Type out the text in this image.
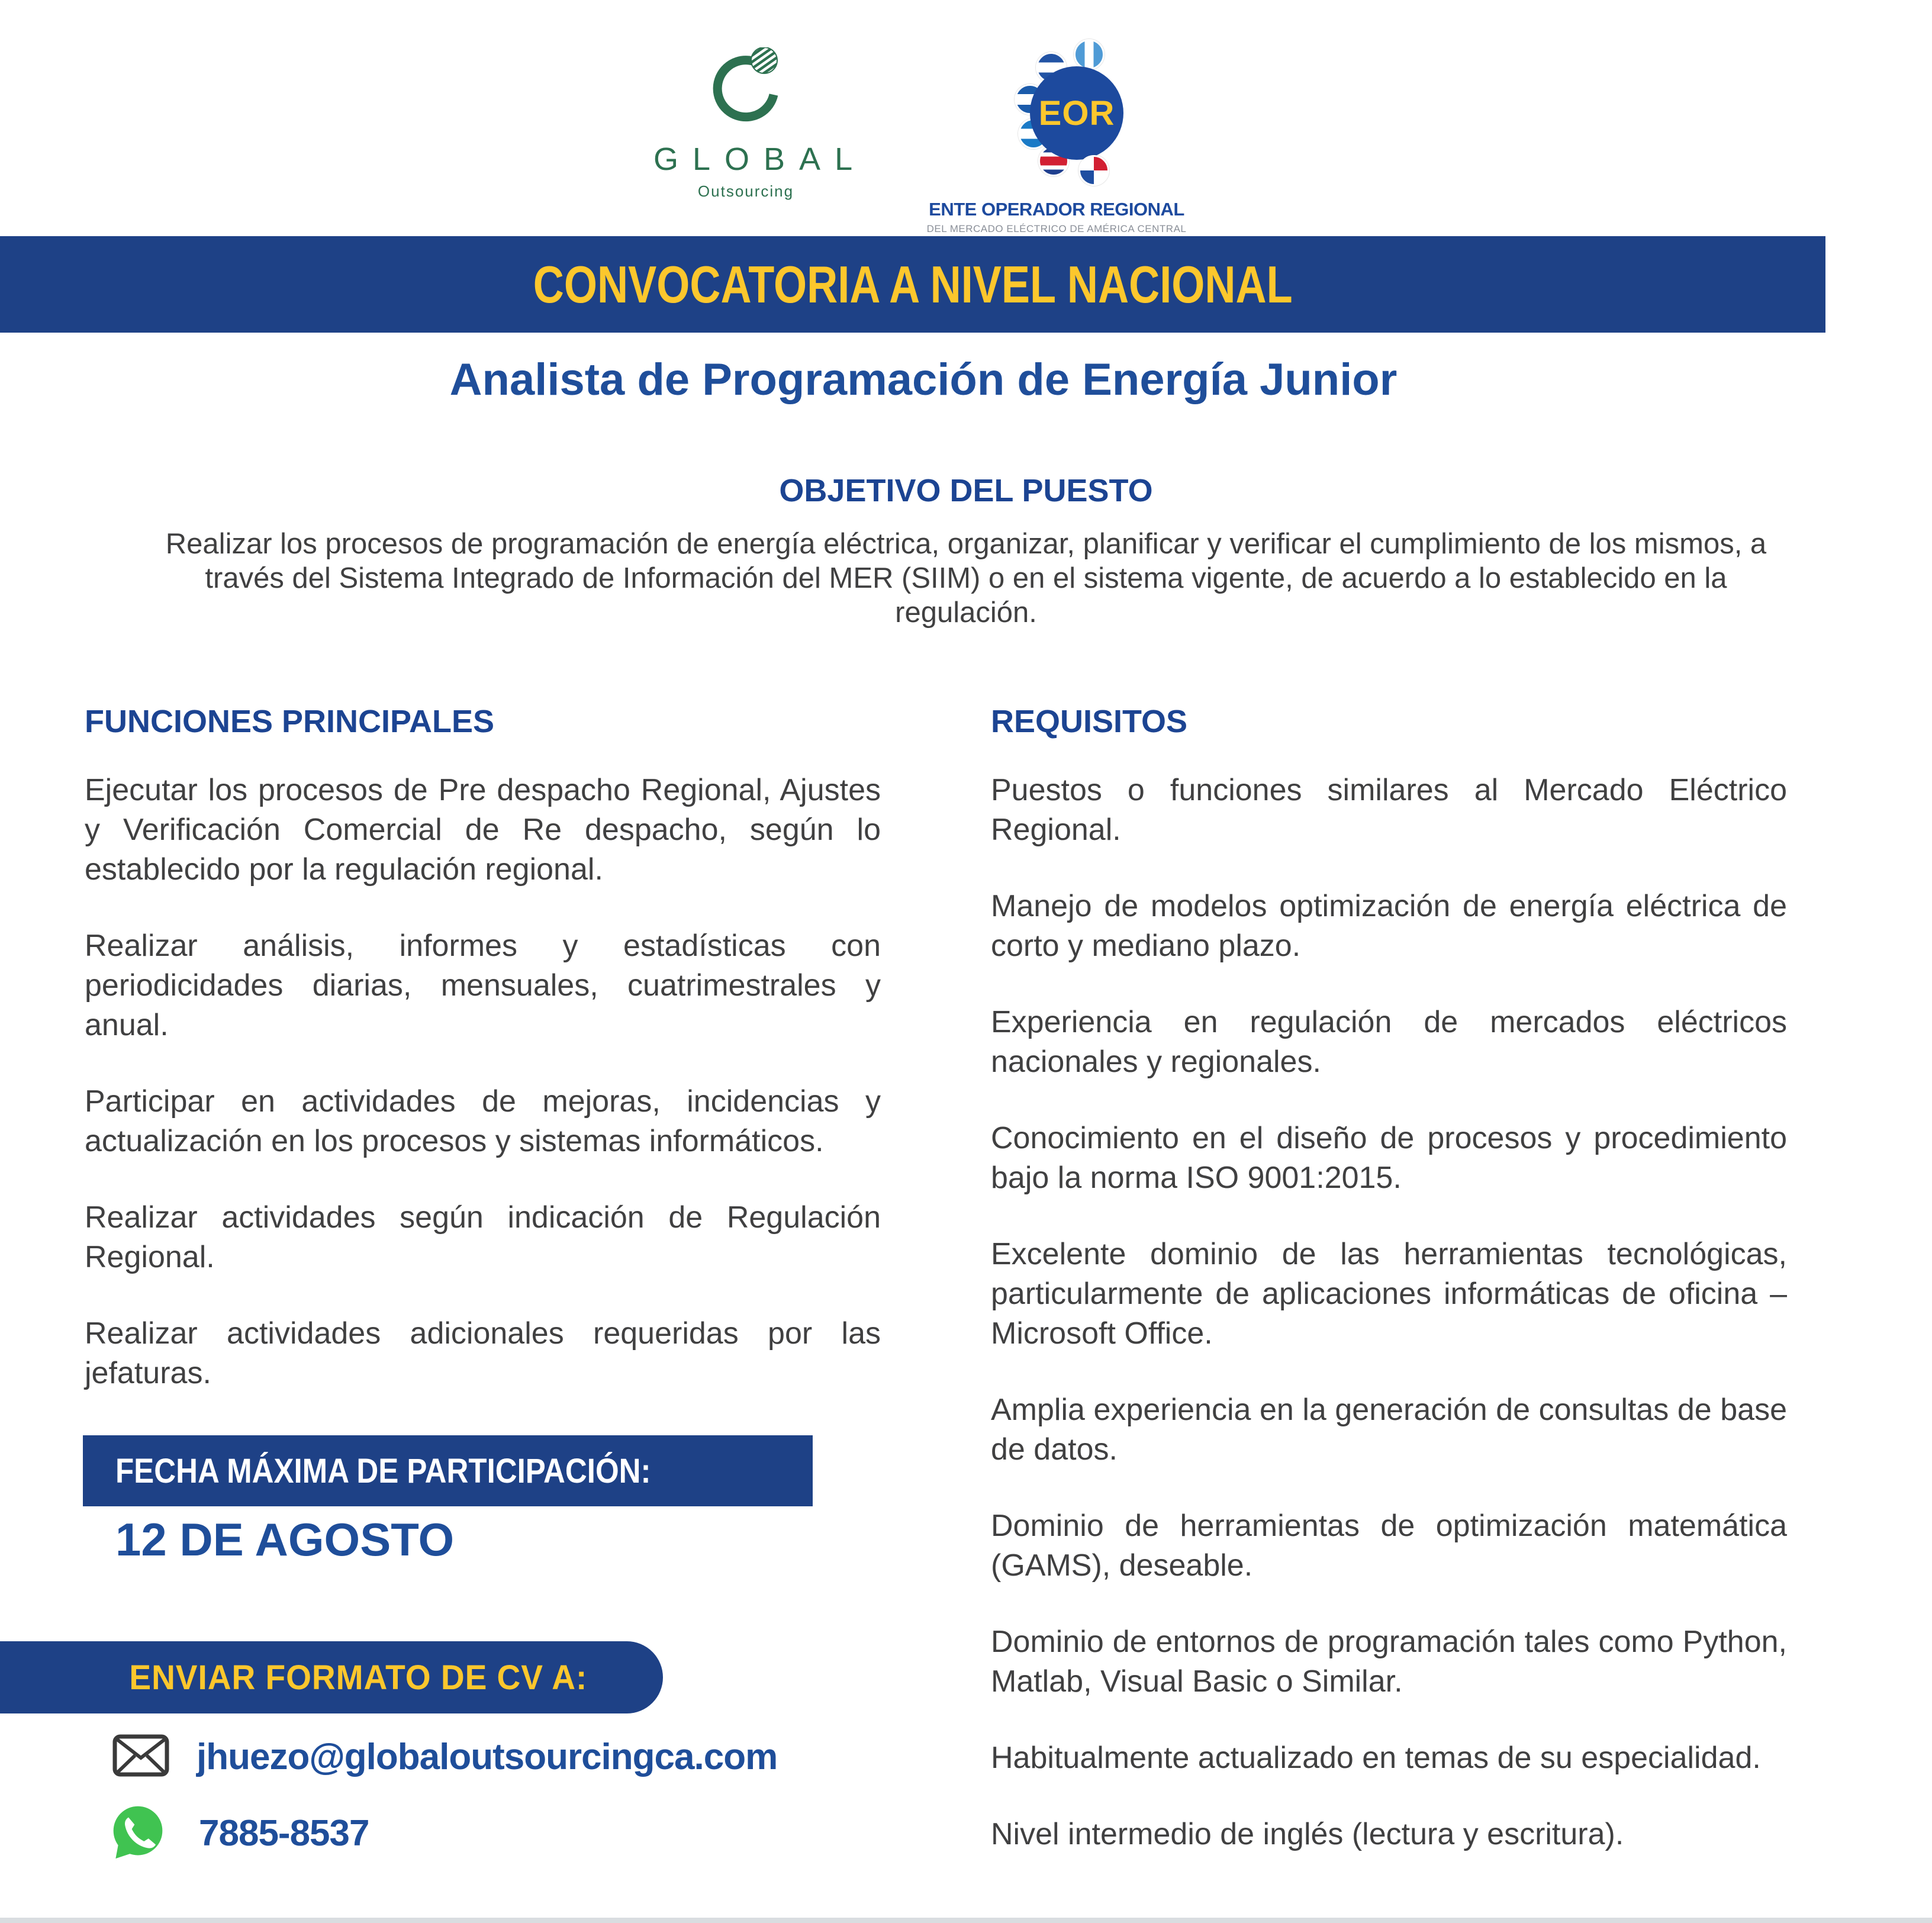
GLOBAL
Outsourcing
EOR
ENTE OPERADOR REGIONAL
DEL MERCADO ELÉCTRICO DE AMÉRICA CENTRAL
CONVOCATORIA A NIVEL NACIONAL
Analista de Programación de Energía Junior
OBJETIVO DEL PUESTO

Realizar los procesos de programación de energía eléctrica, organizar, planificar y verificar el cumplimiento de los mismos, a través del Sistema Integrado de Información del MER (SIIM) o en el sistema vigente, de acuerdo a lo establecido en la regulación.

FUNCIONES PRINCIPALES

Ejecutar los procesos de Pre despacho Regional, Ajustes y Verificación Comercial de Re despacho, según lo establecido por la regulación regional.

Realizar análisis, informes y estadísticas con periodicidades diarias, mensuales, cuatrimestrales y anual.

Participar en actividades de mejoras, incidencias y actualización en los procesos y sistemas informáticos.

Realizar actividades según indicación de Regulación Regional.

Realizar actividades adicionales requeridas por las jefaturas.

REQUISITOS

Puestos o funciones similares al Mercado Eléctrico Regional.

Manejo de modelos optimización de energía eléctrica de corto y mediano plazo.

Experiencia en regulación de mercados eléctricos nacionales y regionales.

Conocimiento en el diseño de procesos y procedimiento bajo la norma ISO 9001:2015.

Excelente dominio de las herramientas tecnológicas, particularmente de aplicaciones informáticas de oficina – Microsoft Office.

Amplia experiencia en la generación de consultas de base de datos.

Dominio de herramientas de optimización matemática (GAMS), deseable.

Dominio de entornos de programación tales como Python, Matlab, Visual Basic o Similar.

Habitualmente actualizado en temas de su especialidad.

Nivel intermedio de inglés (lectura y escritura).

FECHA MÁXIMA DE PARTICIPACIÓN:
12 DE AGOSTO
ENVIAR FORMATO DE CV A:
jhuezo@globaloutsourcingca.com
7885-8537
